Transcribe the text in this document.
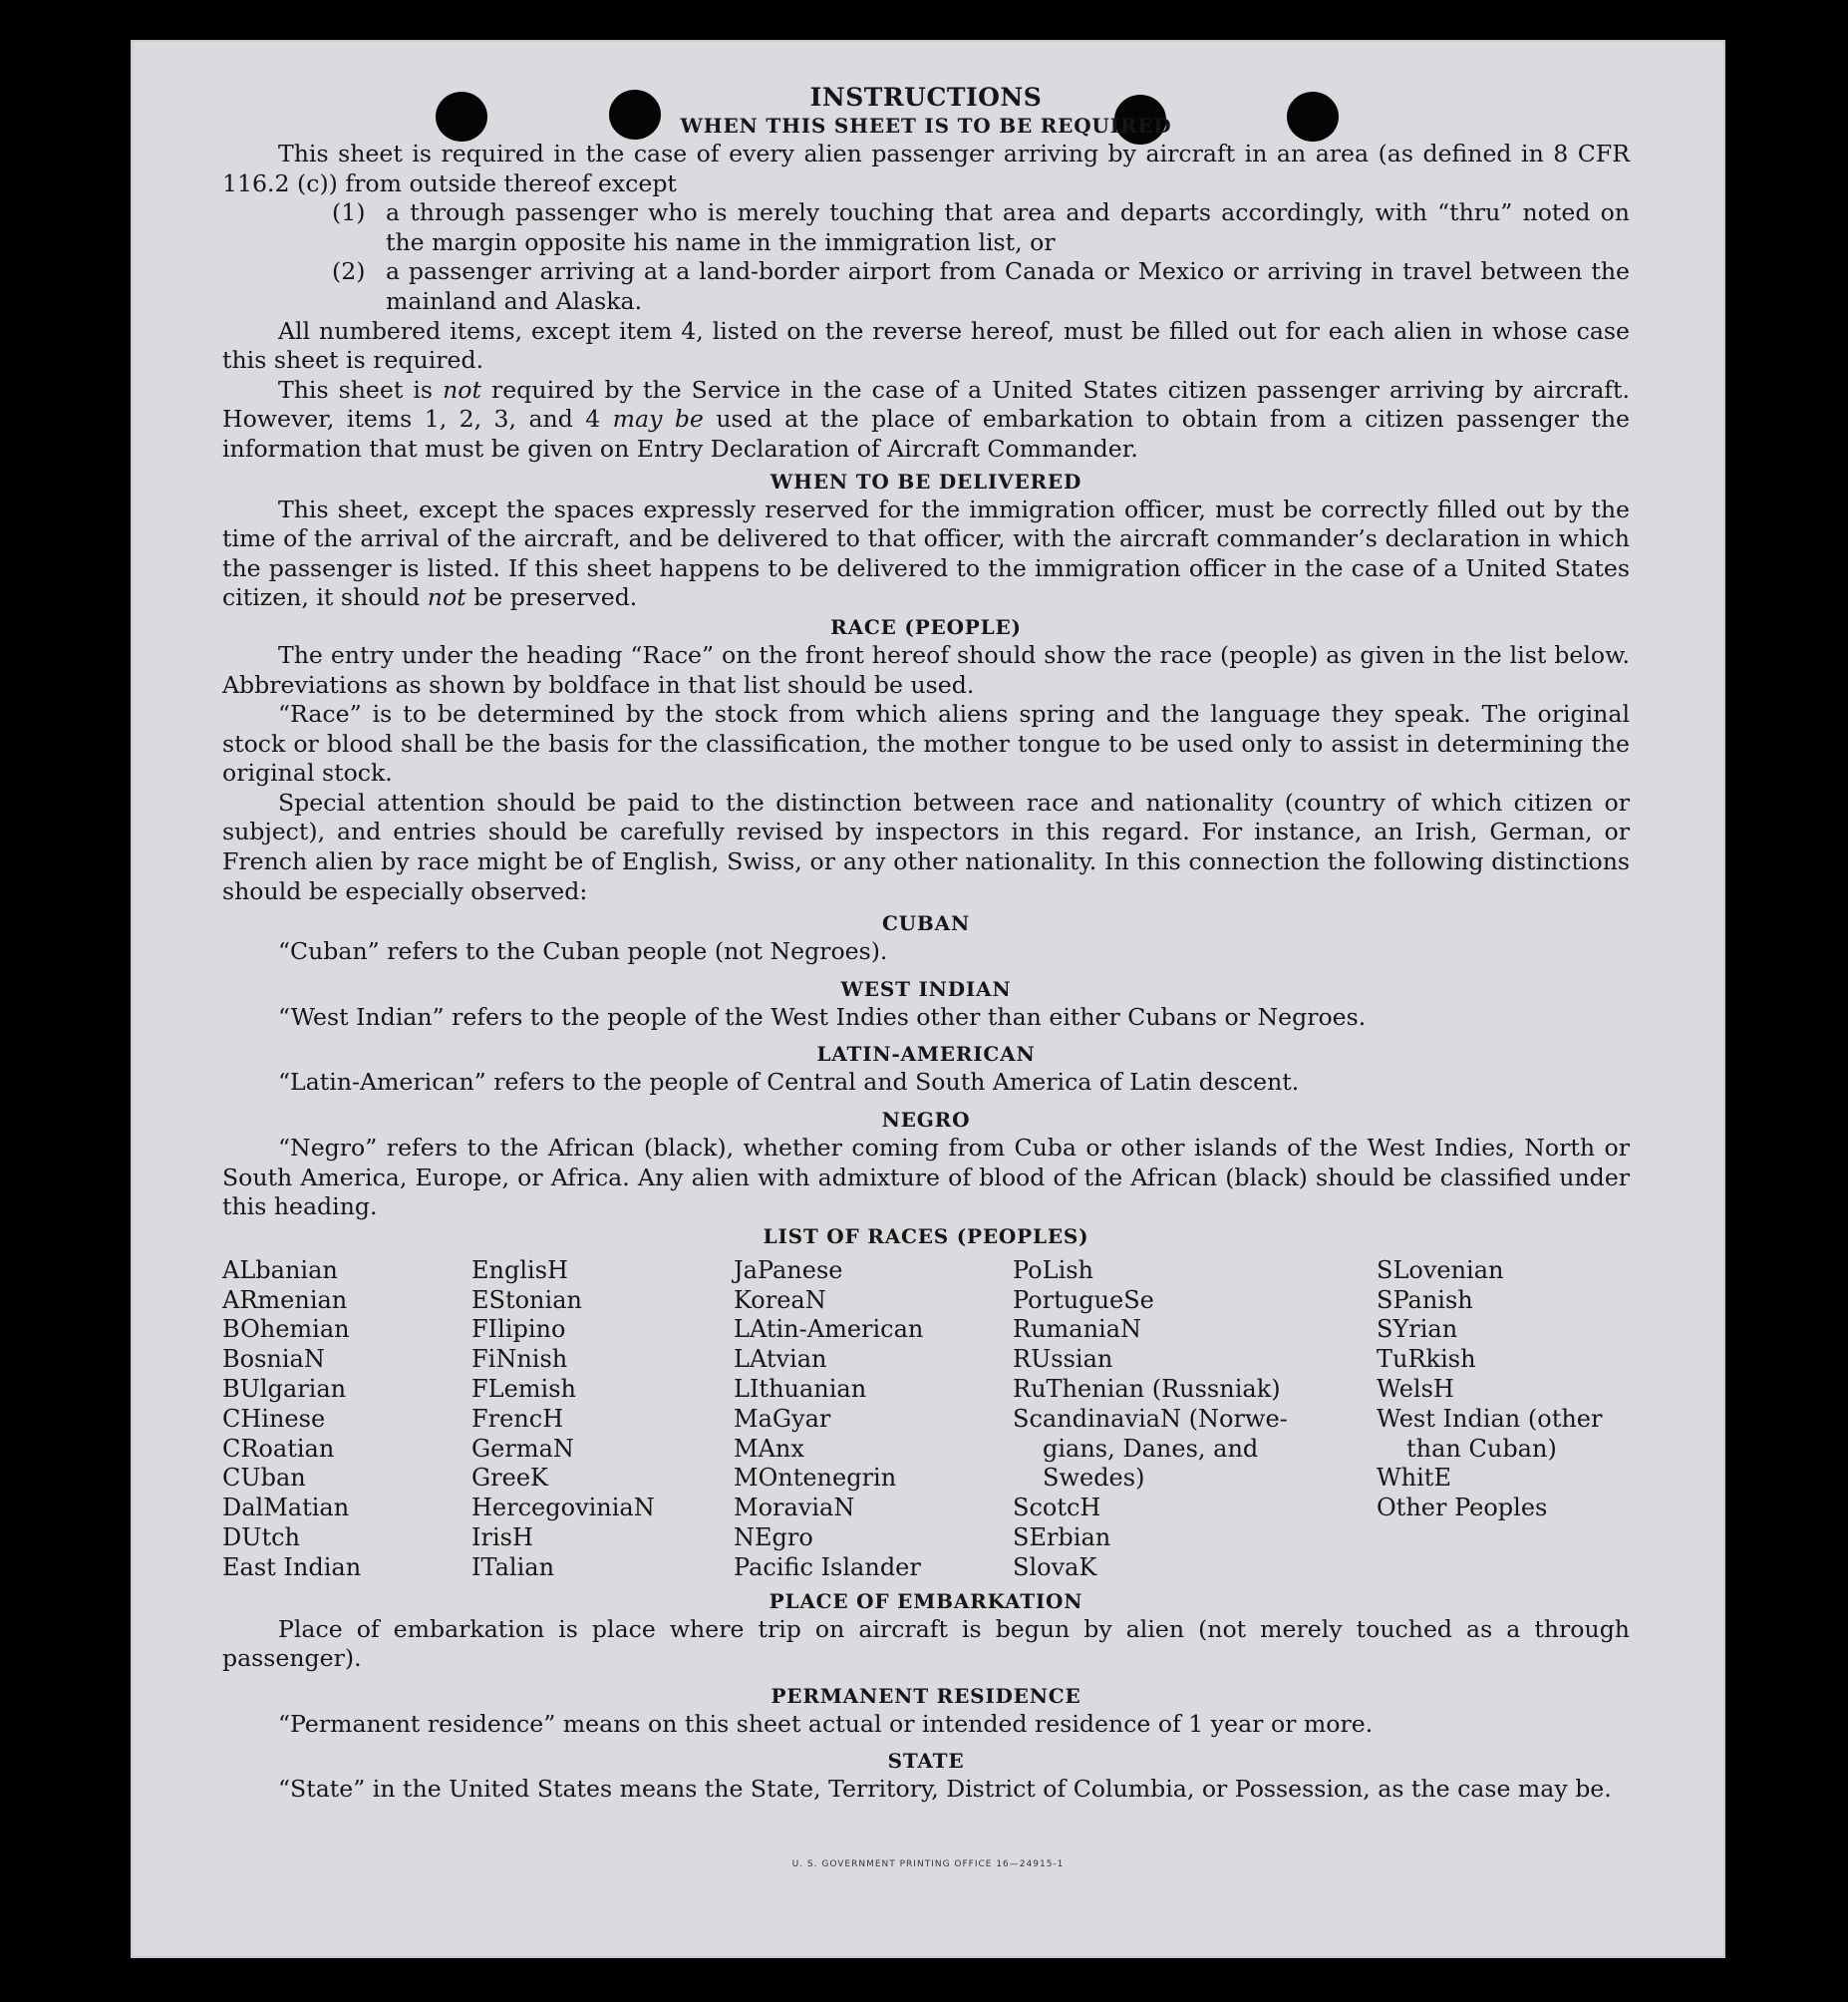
INSTRUCTIONS
WHEN THIS SHEET IS TO BE REQUIRED

This sheet is required in the case of every alien passenger arriving by aircraft in an area (as defined in 8 CFR 116.2 (c)) from outside thereof except

(1) a through passenger who is merely touching that area and departs accordingly, with “thru” noted on the margin opposite his name in the immigration list, or
(2) a passenger arriving at a land-border airport from Canada or Mexico or arriving in travel between the mainland and Alaska.

All numbered items, except item 4, listed on the reverse hereof, must be filled out for each alien in whose case this sheet is required.

This sheet is not required by the Service in the case of a United States citizen passenger arriving by aircraft. However, items 1, 2, 3, and 4 may be used at the place of embarkation to obtain from a citizen passenger the information that must be given on Entry Declaration of Aircraft Commander.

WHEN TO BE DELIVERED

This sheet, except the spaces expressly reserved for the immigration officer, must be correctly filled out by the time of the arrival of the aircraft, and be delivered to that officer, with the aircraft commander’s declaration in which the passenger is listed. If this sheet happens to be delivered to the immigration officer in the case of a United States citizen, it should not be preserved.

RACE (PEOPLE)

The entry under the heading “Race” on the front hereof should show the race (people) as given in the list below. Abbreviations as shown by boldface in that list should be used.

“Race” is to be determined by the stock from which aliens spring and the language they speak. The original stock or blood shall be the basis for the classification, the mother tongue to be used only to assist in determining the original stock.

Special attention should be paid to the distinction between race and nationality (country of which citizen or subject), and entries should be carefully revised by inspectors in this regard. For instance, an Irish, German, or French alien by race might be of English, Swiss, or any other nationality. In this connection the following distinctions should be especially observed:

CUBAN

“Cuban” refers to the Cuban people (not Negroes).

WEST INDIAN

“West Indian” refers to the people of the West Indies other than either Cubans or Negroes.

LATIN-AMERICAN

“Latin-American” refers to the people of Central and South America of Latin descent.

NEGRO

“Negro” refers to the African (black), whether coming from Cuba or other islands of the West Indies, North or South America, Europe, or Africa. Any alien with admixture of blood of the African (black) should be classified under this heading.

LIST OF RACES (PEOPLES)
ALbanian
ARmenian
BOhemian
BosniaN
BUlgarian
CHinese
CRoatian
CUban
DalMatian
DUtch
East Indian
EnglisH
EStonian
FIlipino
FiNnish
FLemish
FrencH
GermaN
GreeK
HercegoviniaN
IrisH
ITalian
JaPanese
KoreaN
LAtin-American
LAtvian
LIthuanian
MaGyar
MAnx
MOntenegrin
MoraviaN
NEgro
Pacific Islander
PoLish
PortugueSe
RumaniaN
RUssian
RuThenian (Russniak)
ScandinaviaN (Norwe-
gians, Danes, and
Swedes)
ScotcH
SErbian
SlovaK
SLovenian
SPanish
SYrian
TuRkish
WelsH
West Indian (other
than Cuban)
WhitE
Other Peoples
PLACE OF EMBARKATION

Place of embarkation is place where trip on aircraft is begun by alien (not merely touched as a through passenger).

PERMANENT RESIDENCE

“Permanent residence” means on this sheet actual or intended residence of 1 year or more.

STATE

“State” in the United States means the State, Territory, District of Columbia, or Possession, as the case may be.

U. S. GOVERNMENT PRINTING OFFICE 16—24915-1
